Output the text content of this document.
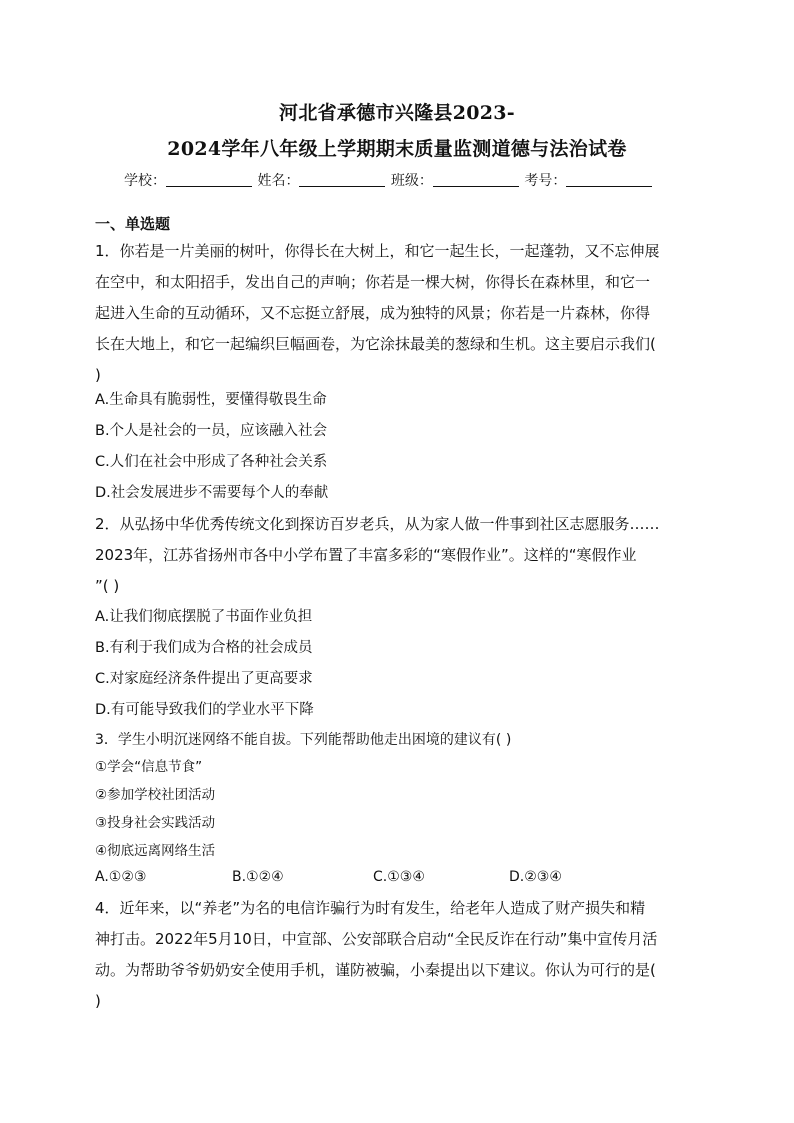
河北省承德市兴隆县2023-
2024学年八年级上学期期末质量监测道德与法治试卷
学校：	姓名：	班级：	考号：
一、单选题
1．你若是一片美丽的树叶，你得长在大树上，和它一起生长，一起蓬勃，又不忘伸展
在空中，和太阳招手，发出自己的声响；你若是一棵大树，你得长在森林里，和它一
起进入生命的互动循环，又不忘挺立舒展，成为独特的风景；你若是一片森林，你得
长在大地上，和它一起编织巨幅画卷，为它涂抹最美的葱绿和生机。这主要启示我们(
)
A.生命具有脆弱性，要懂得敬畏生命
B.个人是社会的一员，应该融入社会
C.人们在社会中形成了各种社会关系
D.社会发展进步不需要每个人的奉献
2．从弘扬中华优秀传统文化到探访百岁老兵，从为家人做一件事到社区志愿服务……
2023年，江苏省扬州市各中小学布置了丰富多彩的“寒假作业”。这样的“寒假作业
”( )
A.让我们彻底摆脱了书面作业负担
B.有利于我们成为合格的社会成员
C.对家庭经济条件提出了更高要求
D.有可能导致我们的学业水平下降
3．学生小明沉迷网络不能自拔。下列能帮助他走出困境的建议有( )
①学会“信息节食”
②参加学校社团活动
③投身社会实践活动
④彻底远离网络生活
A.①②③	B.①②④	C.①③④	D.②③④
4．近年来，以“养老”为名的电信诈骗行为时有发生，给老年人造成了财产损失和精
神打击。2022年5月10日，中宣部、公安部联合启动“全民反诈在行动”集中宣传月活
动。为帮助爷爷奶奶安全使用手机，谨防被骗，小秦提出以下建议。你认为可行的是(
)
